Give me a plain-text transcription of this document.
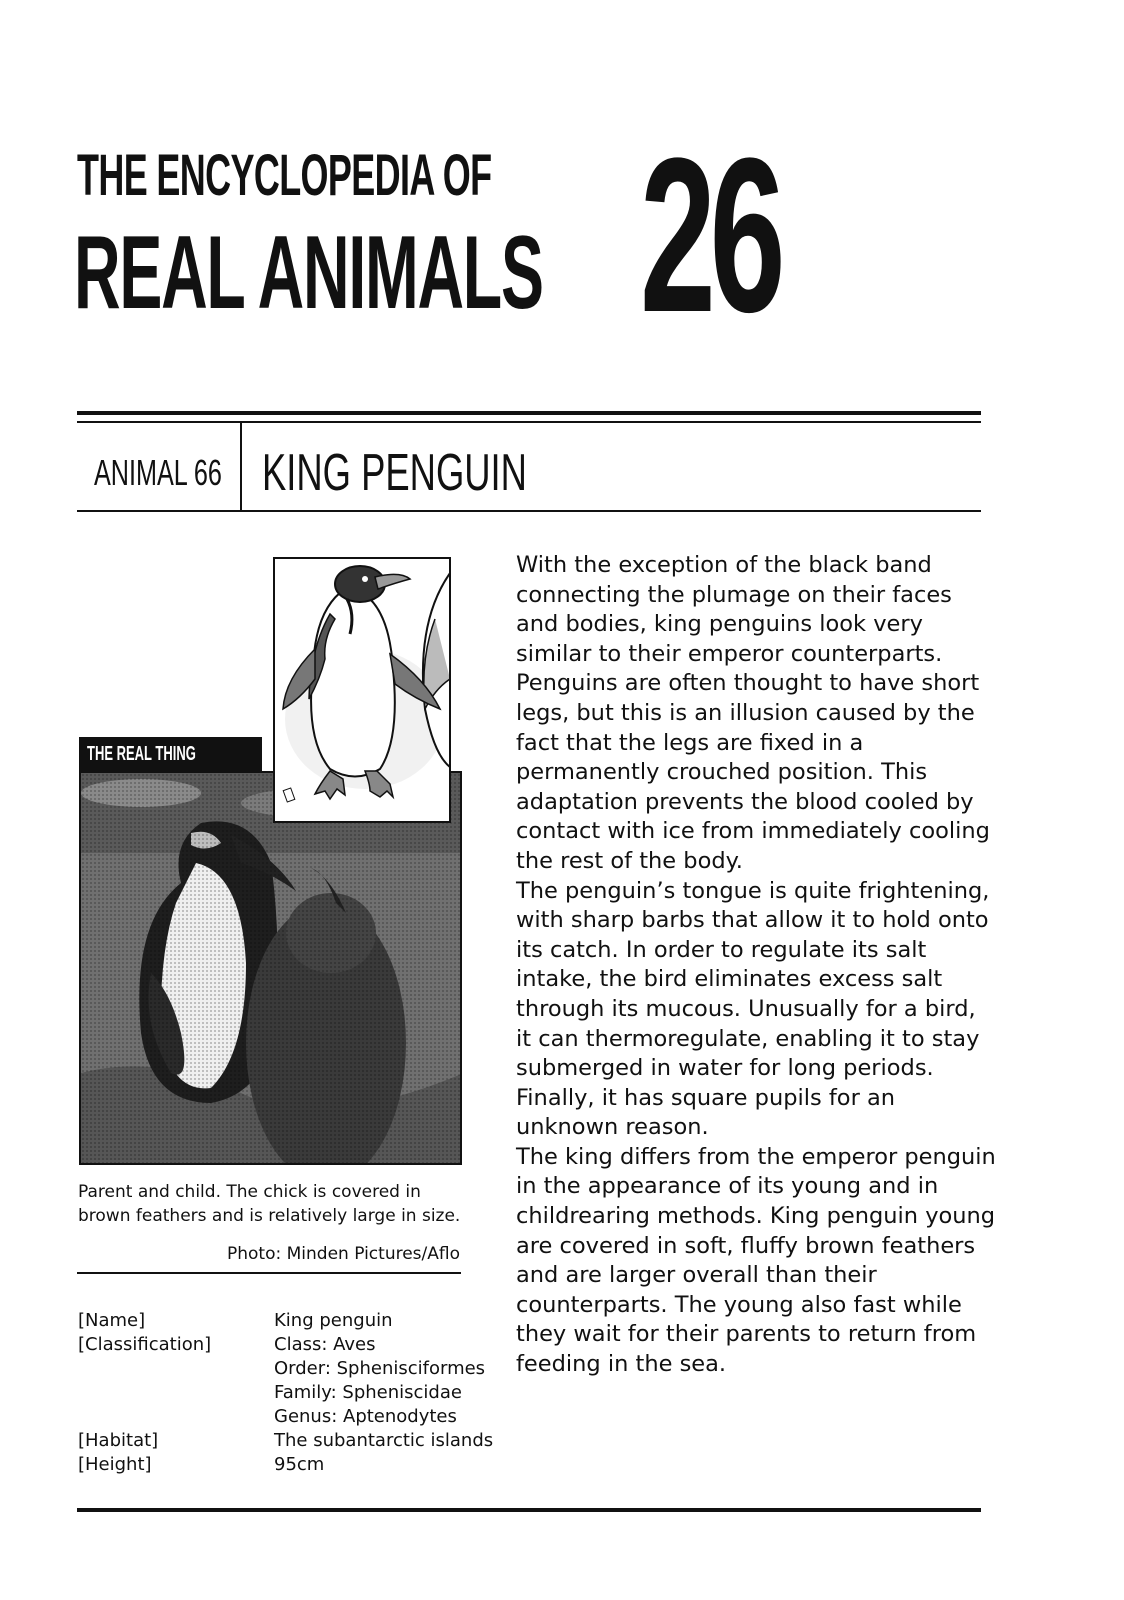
THE ENCYCLOPEDIA OF
REAL ANIMALS 26
ANIMAL 66 KING PENGUIN
THE REAL THING
Parent and child. The chick is covered in brown feathers and is relatively large in size.
Photo: Minden Pictures/Aflo
[Name]
[Classification]
[Habitat]
[Height]
King penguin
Class: Aves
Order: Sphenisciformes
Family: Spheniscidae
Genus: Aptenodytes
The subantarctic islands
95cm

With the exception of the black band connecting the plumage on their faces and bodies, king penguins look very similar to their emperor counterparts. Penguins are often thought to have short legs, but this is an illusion caused by the fact that the legs are fixed in a permanently crouched position. This adaptation prevents the blood cooled by contact with ice from immediately cooling the rest of the body.

The penguin’s tongue is quite frightening, with sharp barbs that allow it to hold onto its catch. In order to regulate its salt intake, the bird eliminates excess salt through its mucous. Unusually for a bird, it can thermoregulate, enabling it to stay submerged in water for long periods. Finally, it has square pupils for an unknown reason.

The king differs from the emperor penguin in the appearance of its young and in childrearing methods. King penguin young are covered in soft, fluffy brown feathers and are larger overall than their counterparts. The young also fast while they wait for their parents to return from feeding in the sea.
